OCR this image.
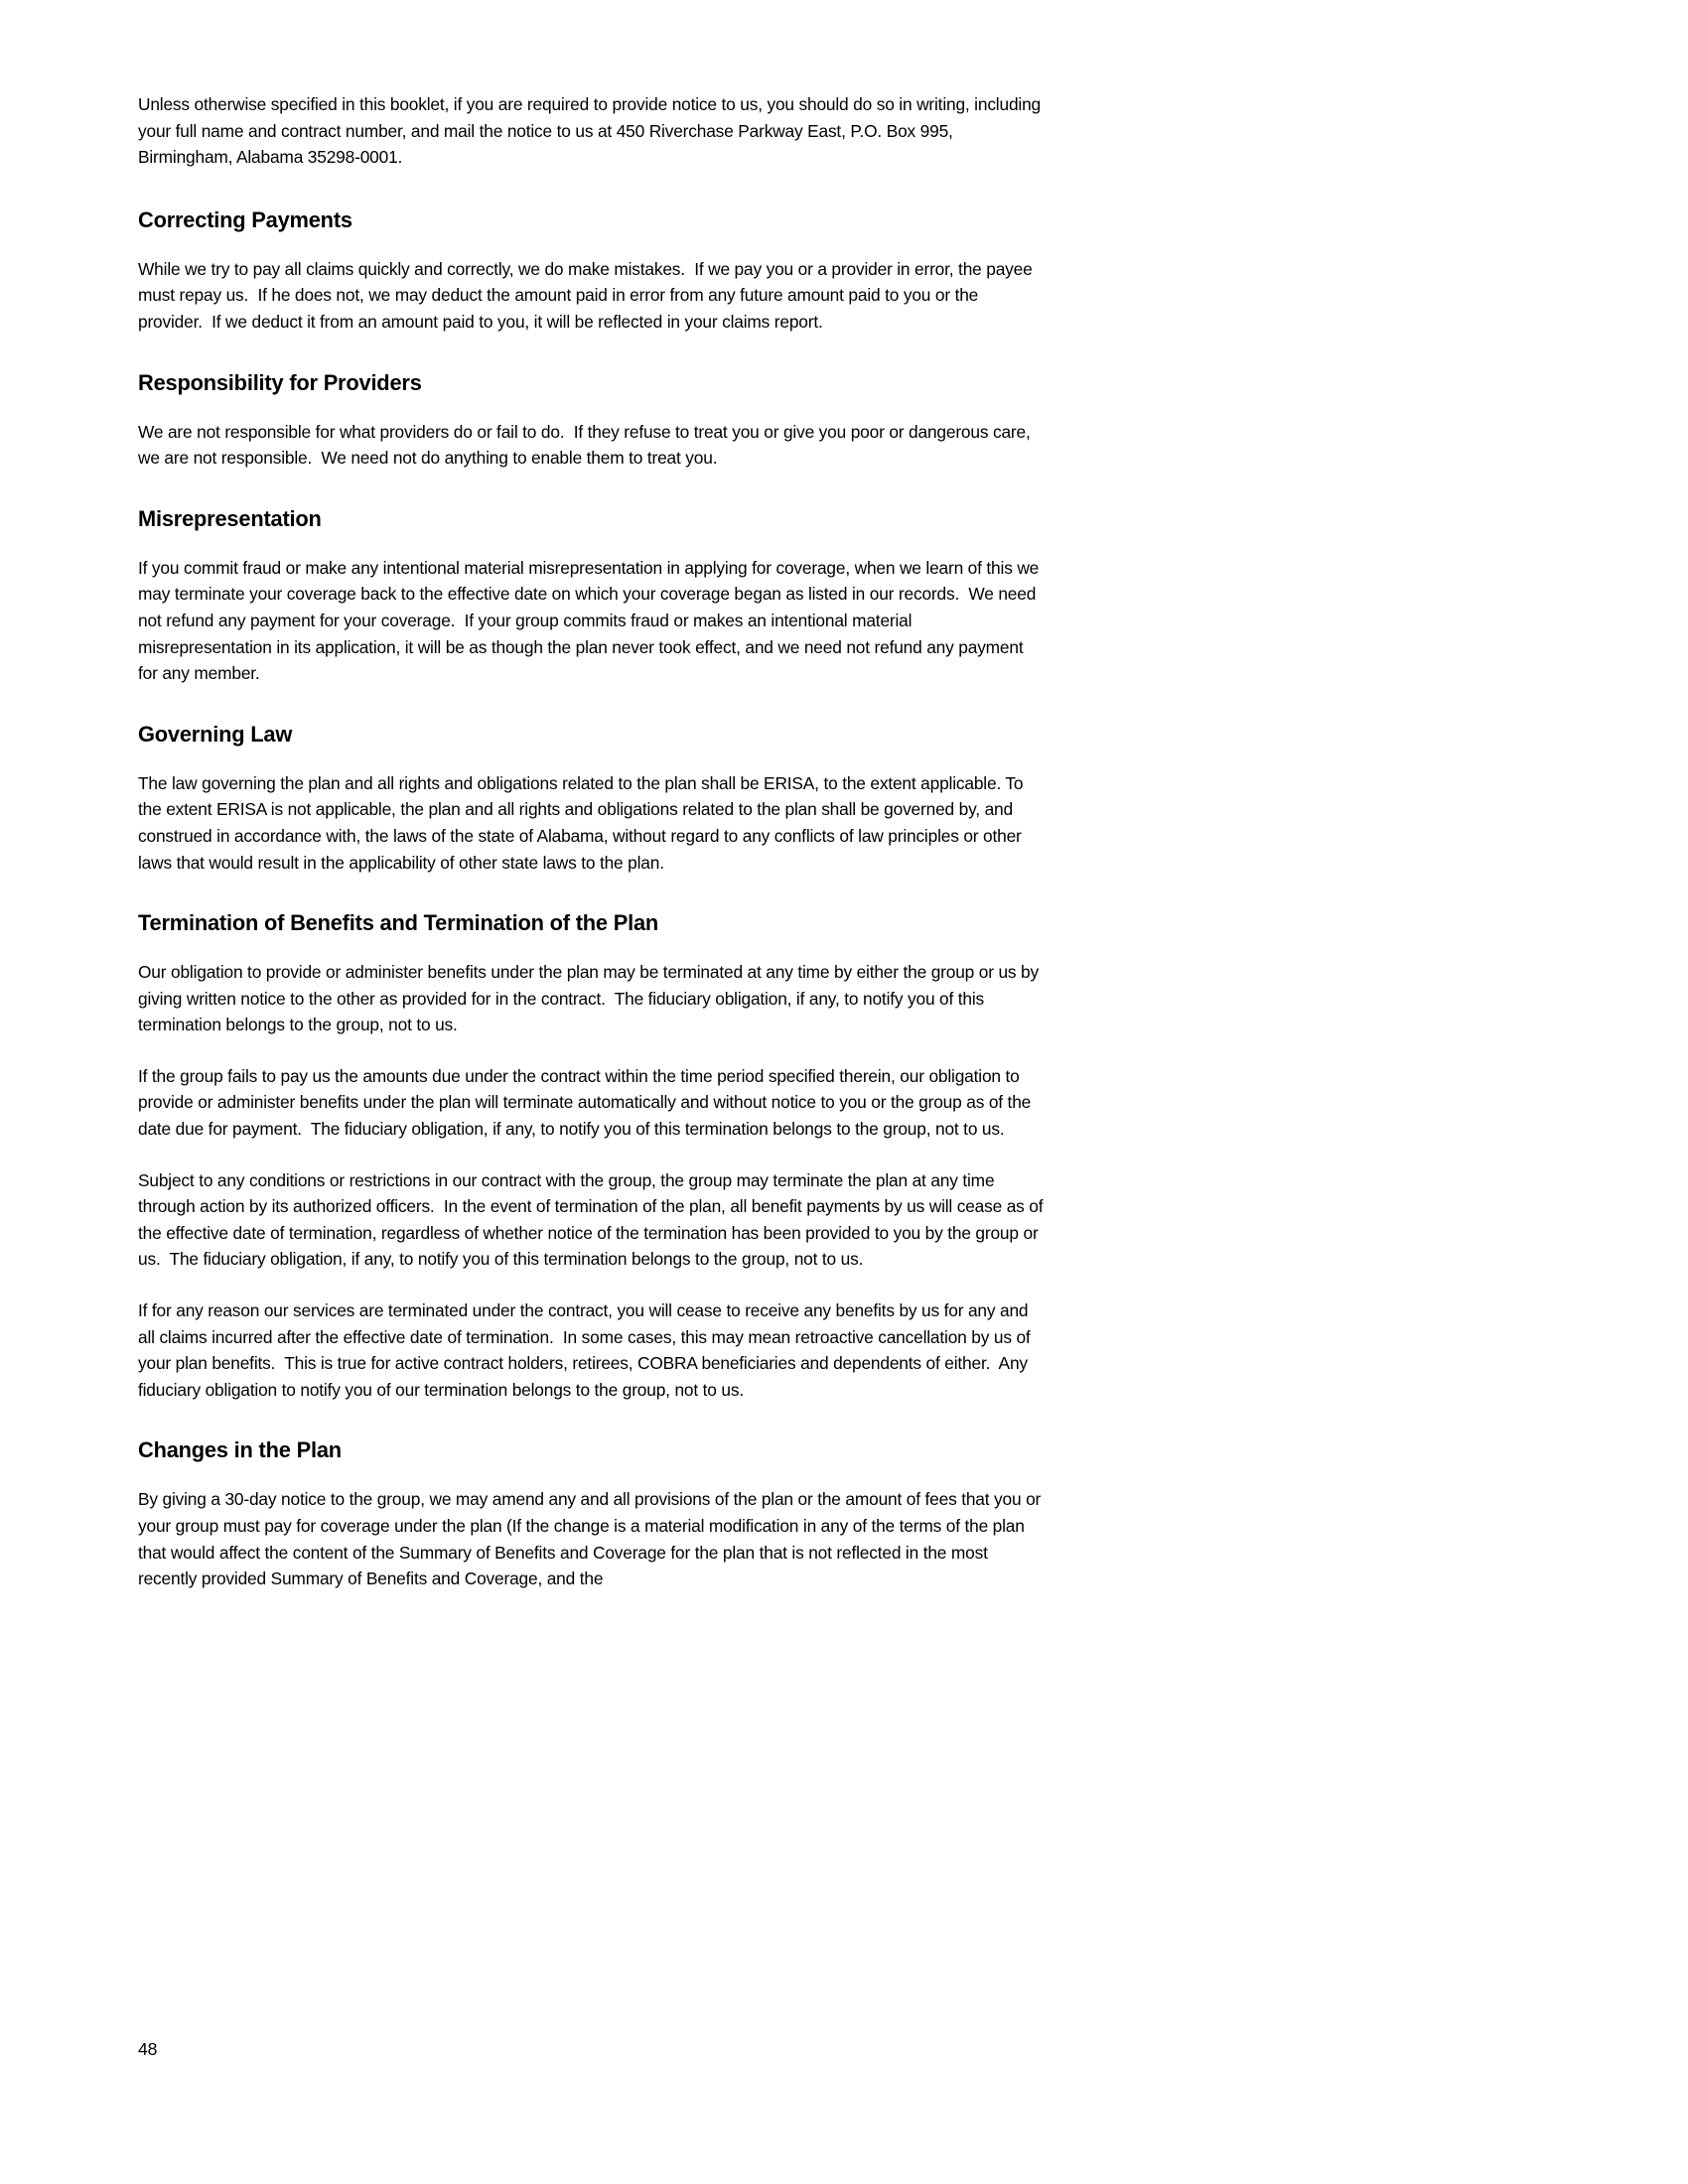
Unless otherwise specified in this booklet, if you are required to provide notice to us, you should do so in writing, including your full name and contract number, and mail the notice to us at 450 Riverchase Parkway East, P.O. Box 995, Birmingham, Alabama 35298-0001.

Correcting Payments

While we try to pay all claims quickly and correctly, we do make mistakes.  If we pay you or a provider in error, the payee must repay us.  If he does not, we may deduct the amount paid in error from any future amount paid to you or the provider.  If we deduct it from an amount paid to you, it will be reflected in your claims report.

Responsibility for Providers

We are not responsible for what providers do or fail to do.  If they refuse to treat you or give you poor or dangerous care, we are not responsible.  We need not do anything to enable them to treat you.

Misrepresentation

If you commit fraud or make any intentional material misrepresentation in applying for coverage, when we learn of this we may terminate your coverage back to the effective date on which your coverage began as listed in our records.  We need not refund any payment for your coverage.  If your group commits fraud or makes an intentional material misrepresentation in its application, it will be as though the plan never took effect, and we need not refund any payment for any member.

Governing Law

The law governing the plan and all rights and obligations related to the plan shall be ERISA, to the extent applicable. To the extent ERISA is not applicable, the plan and all rights and obligations related to the plan shall be governed by, and construed in accordance with, the laws of the state of Alabama, without regard to any conflicts of law principles or other laws that would result in the applicability of other state laws to the plan.

Termination of Benefits and Termination of the Plan

Our obligation to provide or administer benefits under the plan may be terminated at any time by either the group or us by giving written notice to the other as provided for in the contract.  The fiduciary obligation, if any, to notify you of this termination belongs to the group, not to us.

If the group fails to pay us the amounts due under the contract within the time period specified therein, our obligation to provide or administer benefits under the plan will terminate automatically and without notice to you or the group as of the date due for payment.  The fiduciary obligation, if any, to notify you of this termination belongs to the group, not to us.

Subject to any conditions or restrictions in our contract with the group, the group may terminate the plan at any time through action by its authorized officers.  In the event of termination of the plan, all benefit payments by us will cease as of the effective date of termination, regardless of whether notice of the termination has been provided to you by the group or us.  The fiduciary obligation, if any, to notify you of this termination belongs to the group, not to us.

If for any reason our services are terminated under the contract, you will cease to receive any benefits by us for any and all claims incurred after the effective date of termination.  In some cases, this may mean retroactive cancellation by us of your plan benefits.  This is true for active contract holders, retirees, COBRA beneficiaries and dependents of either.  Any fiduciary obligation to notify you of our termination belongs to the group, not to us.

Changes in the Plan

By giving a 30-day notice to the group, we may amend any and all provisions of the plan or the amount of fees that you or your group must pay for coverage under the plan (If the change is a material modification in any of the terms of the plan that would affect the content of the Summary of Benefits and Coverage for the plan that is not reflected in the most recently provided Summary of Benefits and Coverage, and the

48
